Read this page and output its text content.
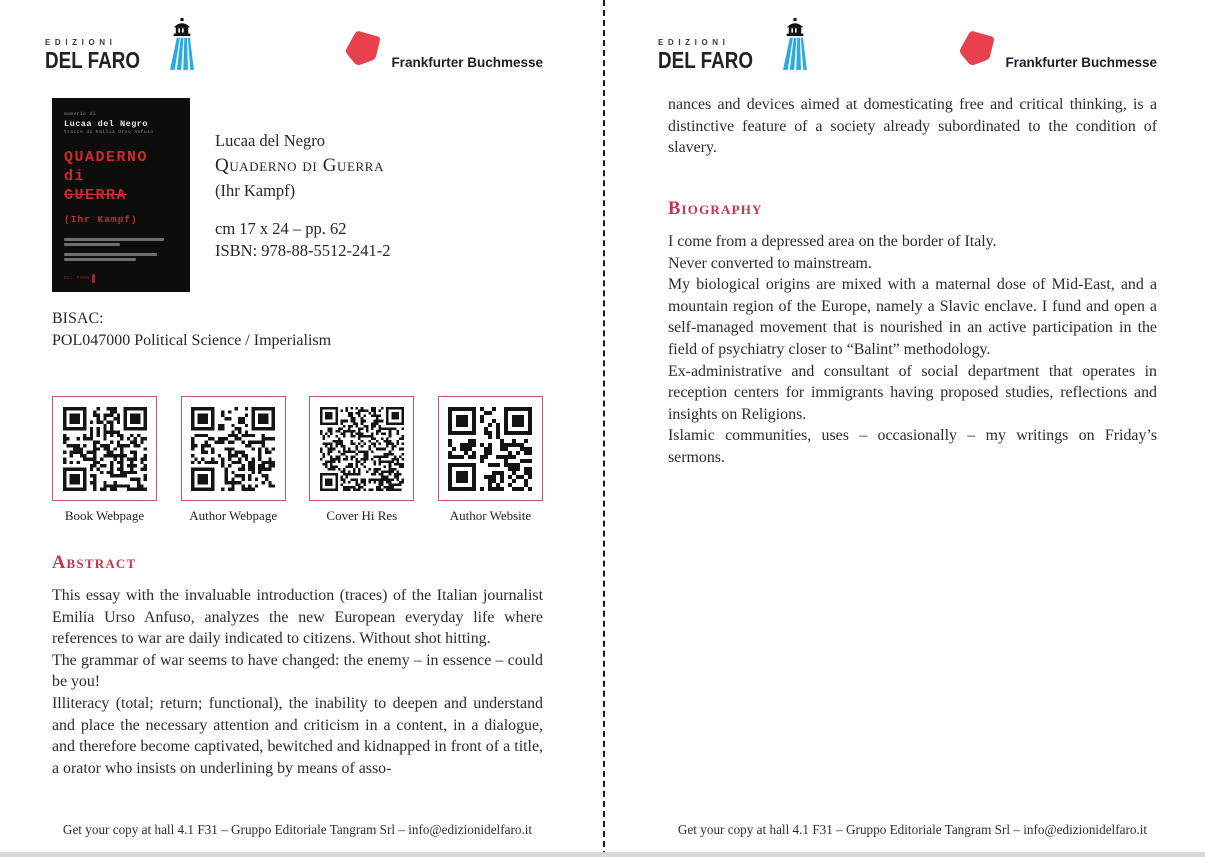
EDIZIONI
DEL FARO	Frankfurter Buchmesse
memorie di
Lucaa del Negro
tracce di Emilia Urso Anfuso
QUADERNO
di
GUERRA
(Ihr Kampf)
DEL FARO
Lucaa del Negro
Quaderno di Guerra
(Ihr Kampf)
cm 17 x 24 – pp. 62
ISBN: 978-88-5512-241-2
BISAC:
POL047000 Political Science / Imperialism
Book Webpage	Author Webpage	Cover Hi Res	Author Website
Abstract

This essay with the invaluable introduction (traces) of the Italian journalist Emilia Urso Anfuso, analyzes the new European everyday life where references to war are daily indicated to citizens. Without shot hitting.

The grammar of war seems to have changed: the enemy – in essence – could be you!

Illiteracy (total; return; functional), the inability to deepen and understand and place the necessary attention and criticism in a content, in a dialogue, and therefore become captivated, bewitched and kidnapped in front of a title, a orator who insists on underlining by means of asso-

Get your copy at hall 4.1 F31 – Gruppo Editoriale Tangram Srl – info@edizionidelfaro.it
EDIZIONI
DEL FARO	Frankfurter Buchmesse

nances and devices aimed at domesticating free and critical thinking, is a distinctive feature of a society already subordinated to the condition of slavery.

Biography

I come from a depressed area on the border of Italy.

Never converted to mainstream.

My biological origins are mixed with a maternal dose of Mid-East, and a mountain region of the Europe, namely a Slavic enclave. I fund and open a self-managed movement that is nourished in an active participation in the field of psychiatry closer to “Balint” methodology.

Ex-administrative and consultant of social department that operates in reception centers for immigrants having proposed studies, reflections and insights on Religions.

Islamic communities, uses – occasionally – my writings on Friday’s sermons.

Get your copy at hall 4.1 F31 – Gruppo Editoriale Tangram Srl – info@edizionidelfaro.it
